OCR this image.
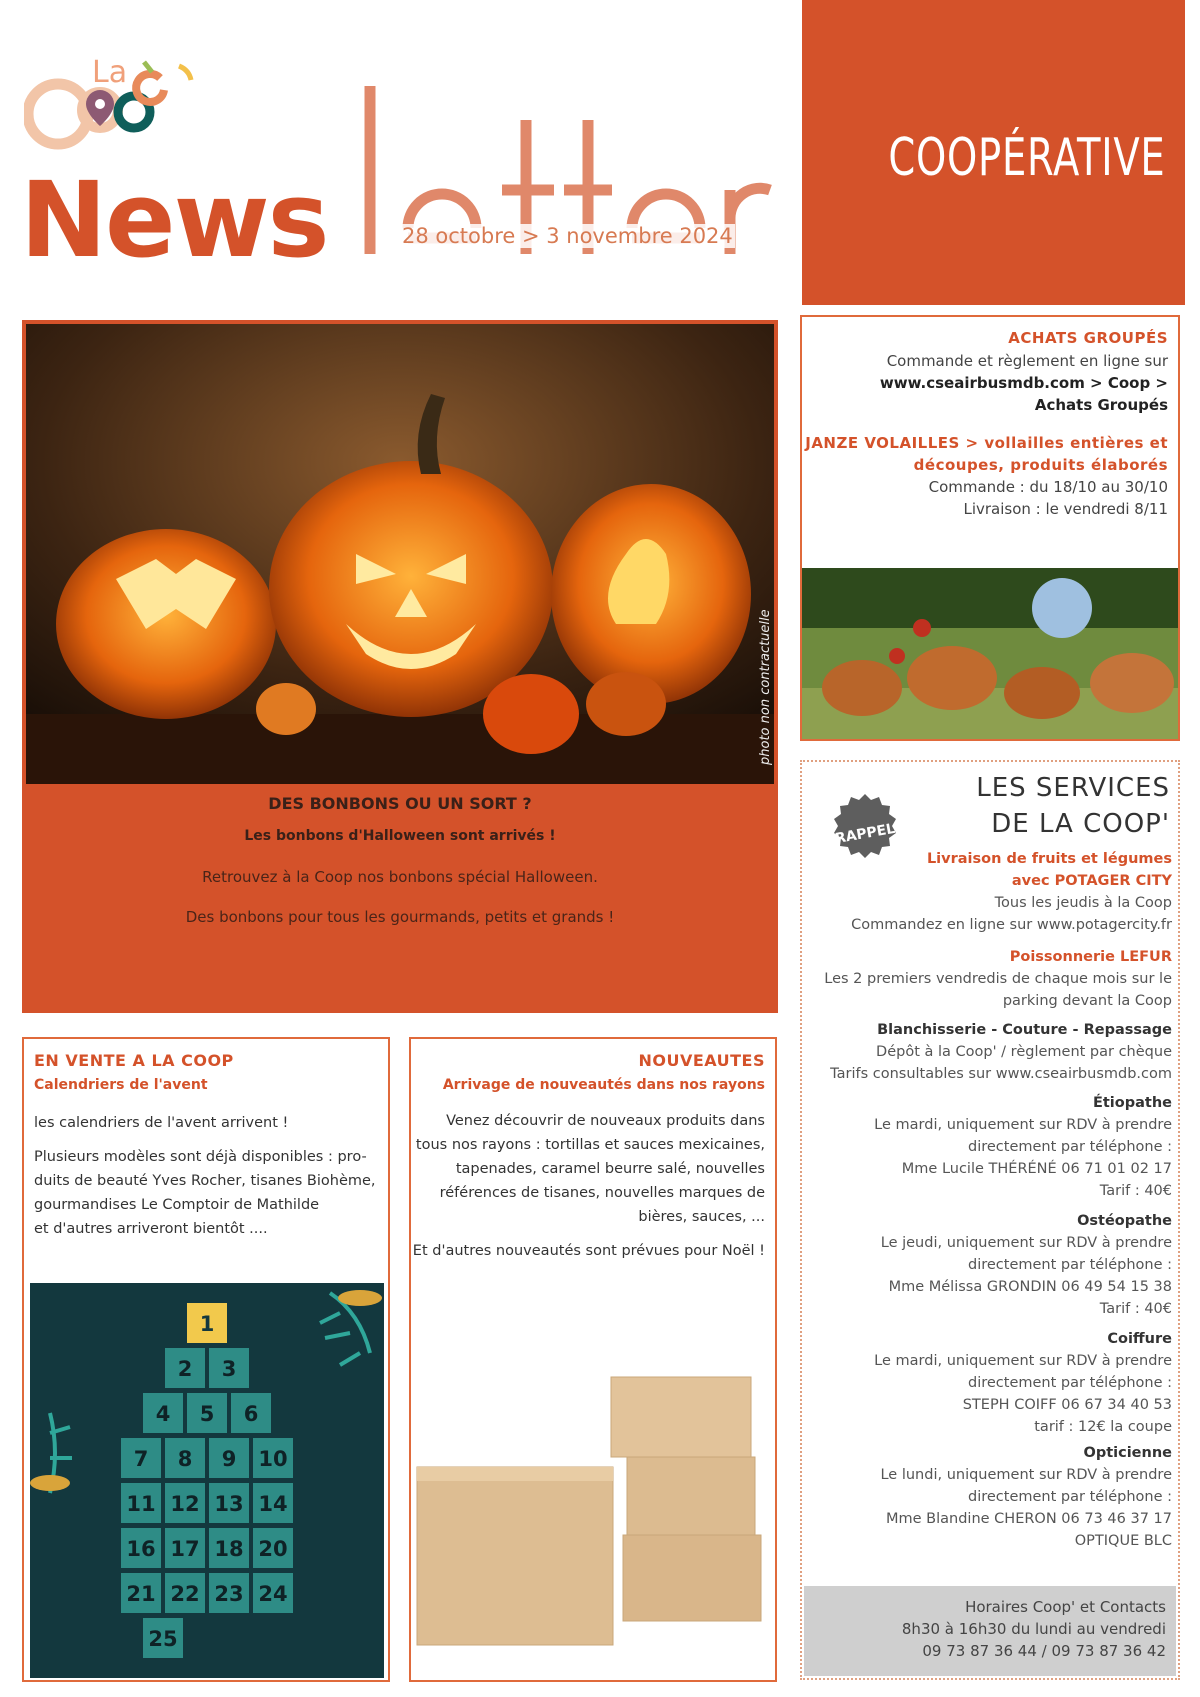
La
News	28 octobre > 3 novembre 2024
COOPÉRATIVE
DES BONBONS OU UN SORT ?
Les bonbons d'Halloween sont arrivés !
Retrouvez à la Coop nos bonbons spécial Halloween.
Des bonbons pour tous les gourmands, petits et grands !
photo non contractuelle
ACHATS GROUPÉS
Commande et règlement en ligne sur
www.cseairbusmdb.com > Coop >
Achats Groupés
JANZE VOLAILLES > vollailles entières et
découpes, produits élaborés
Commande : du 18/10 au 30/10
Livraison : le vendredi 8/11
LES SERVICES
DE LA COOP'
RAPPEL
Livraison de fruits et légumes
avec POTAGER CITY
Tous les jeudis à la Coop
Commandez en ligne sur www.potagercity.fr
Poissonnerie LEFUR
Les 2 premiers vendredis de chaque mois sur le
parking devant la Coop
Blanchisserie - Couture - Repassage
Dépôt à la Coop' / règlement par chèque
Tarifs consultables sur www.cseairbusmdb.com
Étiopathe
Le mardi, uniquement sur RDV à prendre
directement par téléphone :
Mme Lucile THÉRÉNÉ 06 71 01 02 17
Tarif : 40€
Ostéopathe
Le jeudi, uniquement sur RDV à prendre
directement par téléphone :
Mme Mélissa GRONDIN 06 49 54 15 38
Tarif : 40€
Coiffure
Le mardi, uniquement sur RDV à prendre
directement par téléphone :
STEPH COIFF 06 67 34 40 53
tarif : 12€ la coupe
Opticienne
Le lundi, uniquement sur RDV à prendre
directement par téléphone :
Mme Blandine CHERON 06 73 46 37 17
OPTIQUE BLC
Horaires Coop' et Contacts
8h30 à 16h30 du lundi au vendredi
09 73 87 36 44 / 09 73 87 36 42
EN VENTE A LA COOP
Calendriers de l'avent
les calendriers de l'avent arrivent !
Plusieurs modèles sont déjà disponibles : pro-
duits de beauté Yves Rocher, tisanes Biohème,
gourmandises Le Comptoir de Mathilde
et d'autres arriveront bientôt ....
1
2 3
4 5 6
7 8 9 10
11 12 13 14
16 17 18 20
21 22 23 24
25
NOUVEAUTES
Arrivage de nouveautés dans nos rayons
Venez découvrir de nouveaux produits dans
tous nos rayons : tortillas et sauces mexicaines,
tapenades, caramel beurre salé, nouvelles
références de tisanes, nouvelles marques de
bières, sauces, ...
Et d'autres nouveautés sont prévues pour Noël !
